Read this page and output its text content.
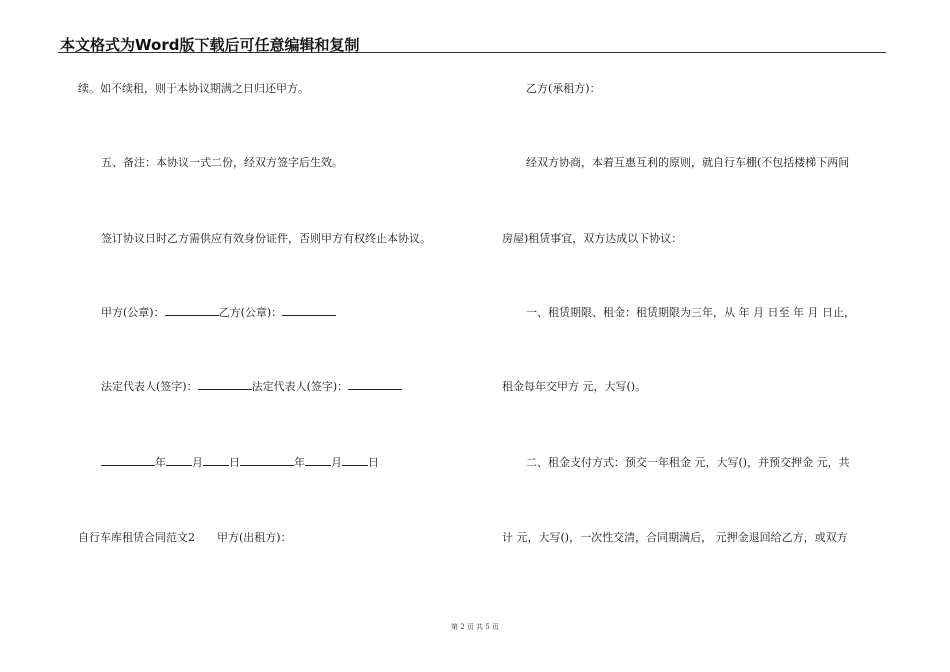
本文格式为Word版下载后可任意编辑和复制
续。如不续租，则于本协议期满之日归还甲方。
五、备注：本协议一式二份，经双方签字后生效。
签订协议日时乙方需供应有效身份证件，否则甲方有权终止本协议。
甲方(公章)：	乙方(公章)：
法定代表人(签字)：	法定代表人(签字)：
年 月 日	年 月 日
自行车库租赁合同范文2 甲方(出租方)：
乙方(承租方)：
经双方协商，本着互惠互利的原则，就自行车棚(不包括楼梯下两间
房屋)租赁事宜，双方达成以下协议：
一、租赁期限、租金：租赁期限为三年，从 年 月 日至 年 月 日止，
租金每年交甲方 元，大写()。
二、租金支付方式：预交一年租金 元，大写()，并预交押金 元，共
计 元，大写()，一次性交清，合同期满后， 元押金退回给乙方，或双方
第 2 页 共 5 页
